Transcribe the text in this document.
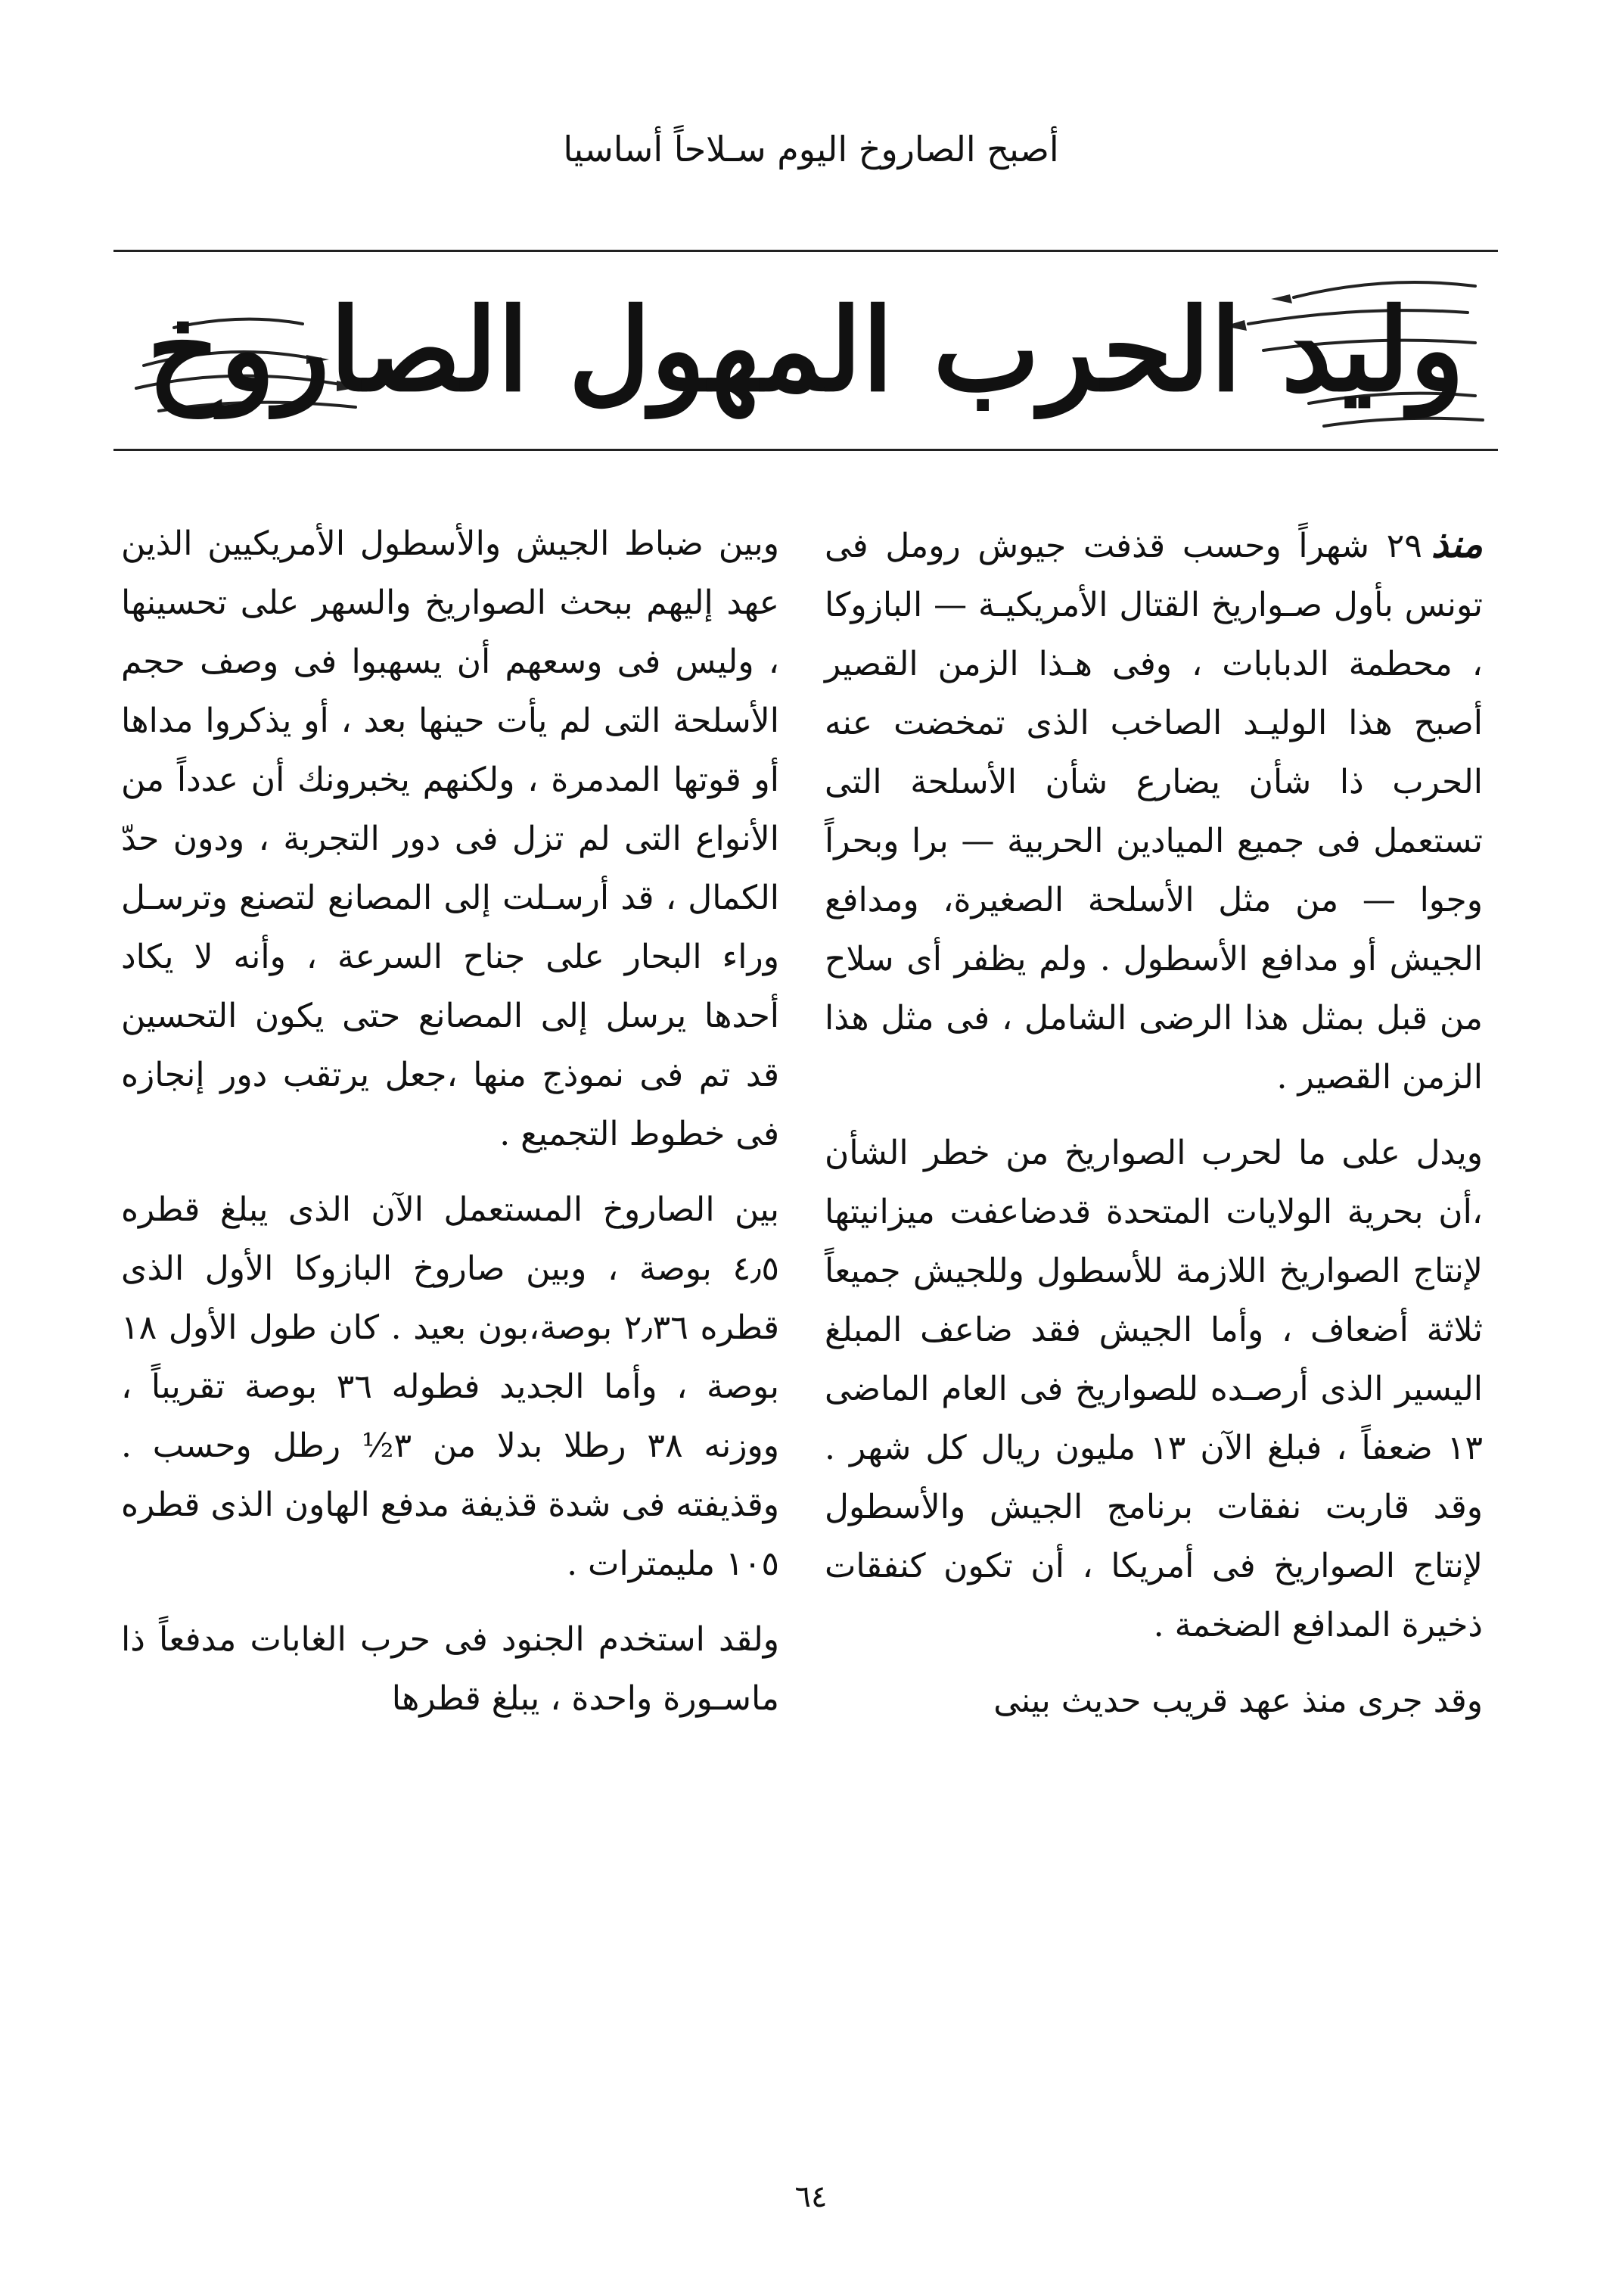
أصبح الصاروخ اليوم سـلاحاً أساسيا
وليد الحرب المهول الصاروخ

منذ٢٩ شهراً وحسب قذفت جيوش رومل فى تونس بأول صـواريخ القتال الأمريكيـة — البازوكا ، محطمة الدبابات ، وفى هـذا الزمن القصير أصبح هذا الوليـد الصاخب الذى تمخضت عنه الحرب ذا شأن يضارع شأن الأسلحة التى تستعمل فى جميع الميادين الحربية — برا وبحراً وجوا — من مثل الأسلحة الصغيرة، ومدافع الجيش أو مدافع الأسطول . ولم يظفر أى سلاح من قبل بمثل هذا الرضى الشامل ، فى مثل هذا الزمن القصير .

ويدل على ما لحرب الصواريخ من خطر الشأن ،أن بحرية الولايات المتحدة قدضاعفت ميزانيتها لإنتاج الصواريخ اللازمة للأسطول وللجيش جميعاً ثلاثة أضعاف ، وأما الجيش فقد ضاعف المبلغ اليسير الذى أرصـده للصواريخ فى العام الماضى ١٣ ضعفاً ، فبلغ الآن ١٣ مليون ريال كل شهر . وقد قاربت نفقات برنامج الجيش والأسطول لإنتاج الصواريخ فى أمريكا ، أن تكون كنفقات ذخيرة المدافع الضخمة .

وقد جرى منذ عهد قريب حديث بينى

وبين ضباط الجيش والأسطول الأمريكيين الذين عهد إليهم ببحث الصواريخ والسهر على تحسينها ، وليس فى وسعهم أن يسهبوا فى وصف حجم الأسلحة التى لم يأت حينها بعد ، أو يذكروا مداها أو قوتها المدمرة ، ولكنهم يخبرونك أن عدداً من الأنواع التى لم تزل فى دور التجربة ، ودون حدّ الكمال ، قد أرسـلت إلى المصانع لتصنع وترسـل وراء البحار على جناح السرعة ، وأنه لا يكاد أحدها يرسل إلى المصانع حتى يكون التحسين قد تم فى نموذج منها ،جعل يرتقب دور إنجازه فى خطوط التجميع .

بين الصاروخ المستعمل الآن الذى يبلغ قطره ٤٫٥ بوصة ، وبين صاروخ البازوكا الأول الذى قطره ٢٫٣٦ بوصة،بون بعيد . كان طول الأول ١٨ بوصة ، وأما الجديد فطوله ٣٦ بوصة تقريباً ، ووزنه ٣٨ رطلا بدلا من ٣½ رطل وحسب . وقذيفته فى شدة قذيفة مدفع الهاون الذى قطره ١٠٥ مليمترات .

ولقد استخدم الجنود فى حرب الغابات مدفعاً ذا ماسـورة واحدة ، يبلغ قطرها

٦٤
